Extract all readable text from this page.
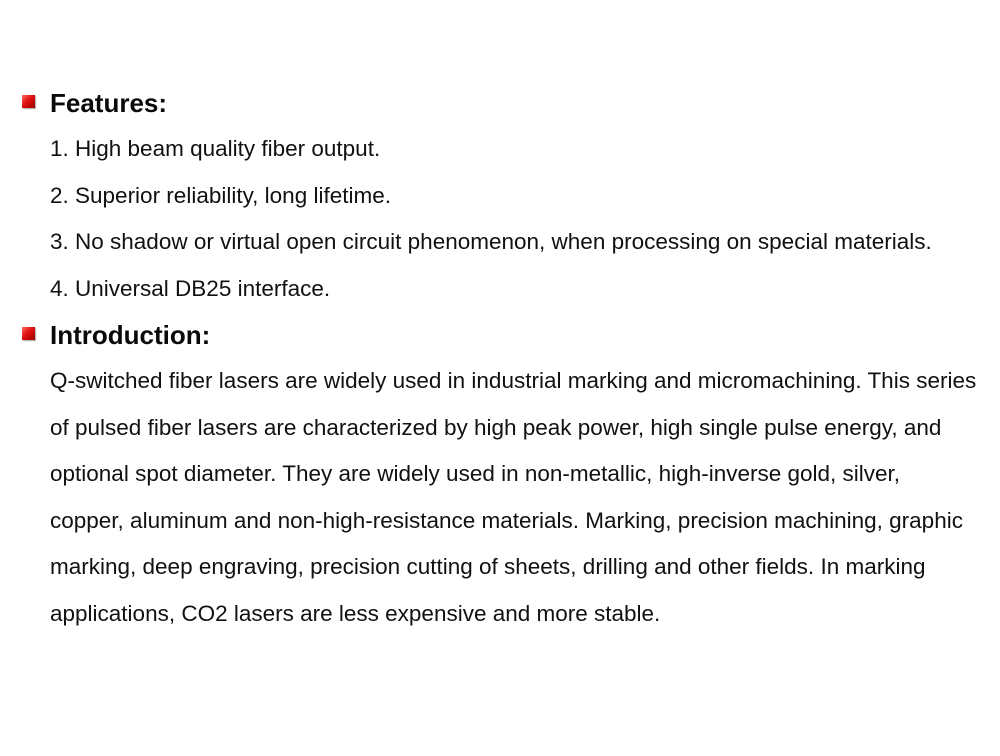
Features:

1. High beam quality fiber output.

2. Superior reliability, long lifetime.

3. No shadow or virtual open circuit phenomenon, when processing on special materials.

4. Universal DB25 interface.

Introduction:

Q-switched fiber lasers are widely used in industrial marking and micromachining. This series of pulsed fiber lasers are characterized by high peak power, high single pulse energy, and optional spot diameter. They are widely used in non-metallic, high-inverse gold, silver, copper, aluminum and non-high-resistance materials. Marking, precision machining, graphic marking, deep engraving, precision cutting of sheets, drilling and other fields. In marking applications, CO2 lasers are less expensive and more stable.
